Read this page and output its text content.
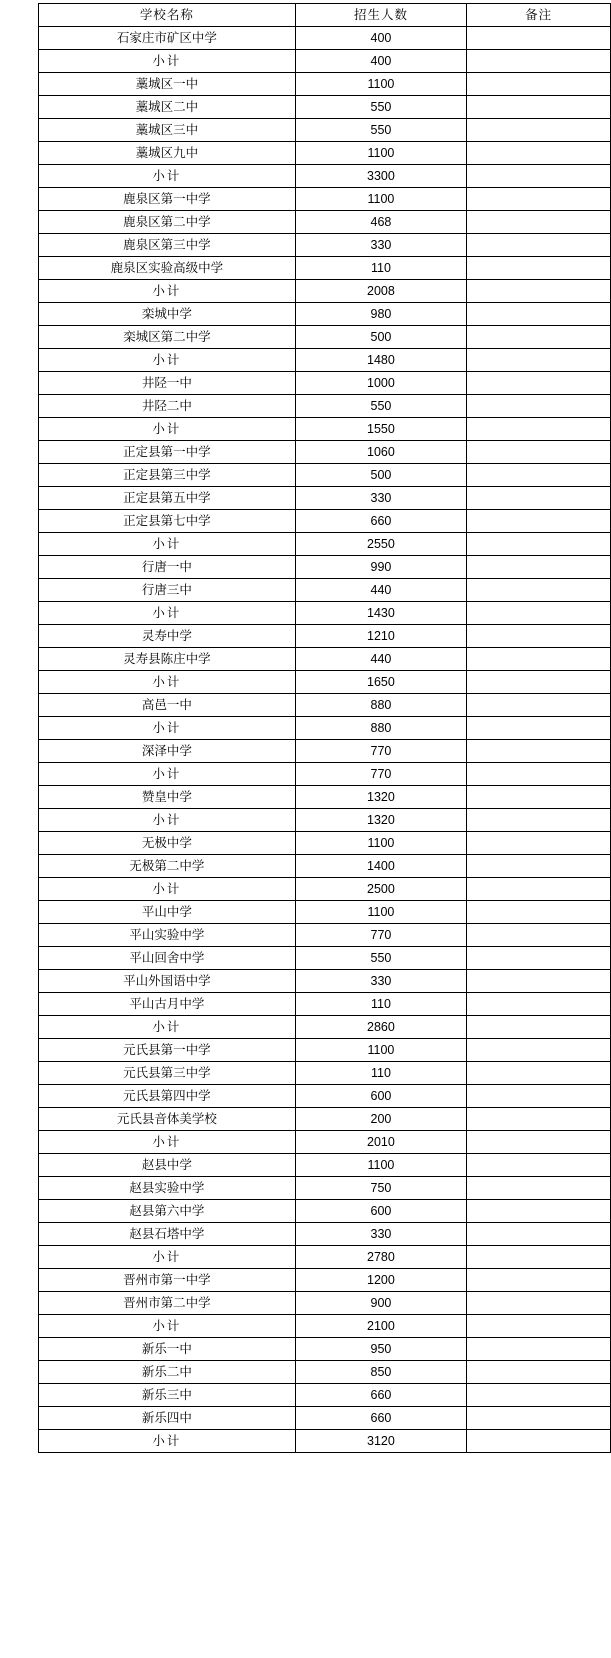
学校名称	招生人数	备注
石家庄市矿区中学	400	
小计	400	
藁城区一中	1100	
藁城区二中	550	
藁城区三中	550	
藁城区九中	1100	
小计	3300	
鹿泉区第一中学	1100	
鹿泉区第二中学	468	
鹿泉区第三中学	330	
鹿泉区实验高级中学	110	
小计	2008	
栾城中学	980	
栾城区第二中学	500	
小计	1480	
井陉一中	1000	
井陉二中	550	
小计	1550	
正定县第一中学	1060	
正定县第三中学	500	
正定县第五中学	330	
正定县第七中学	660	
小计	2550	
行唐一中	990	
行唐三中	440	
小计	1430	
灵寿中学	1210	
灵寿县陈庄中学	440	
小计	1650	
高邑一中	880	
小计	880	
深泽中学	770	
小计	770	
赞皇中学	1320	
小计	1320	
无极中学	1100	
无极第二中学	1400	
小计	2500	
平山中学	1100	
平山实验中学	770	
平山回舍中学	550	
平山外国语中学	330	
平山古月中学	110	
小计	2860	
元氏县第一中学	1100	
元氏县第三中学	110	
元氏县第四中学	600	
元氏县音体美学校	200	
小计	2010	
赵县中学	1100	
赵县实验中学	750	
赵县第六中学	600	
赵县石塔中学	330	
小计	2780	
晋州市第一中学	1200	
晋州市第二中学	900	
小计	2100	
新乐一中	950	
新乐二中	850	
新乐三中	660	
新乐四中	660	
小计	3120	
